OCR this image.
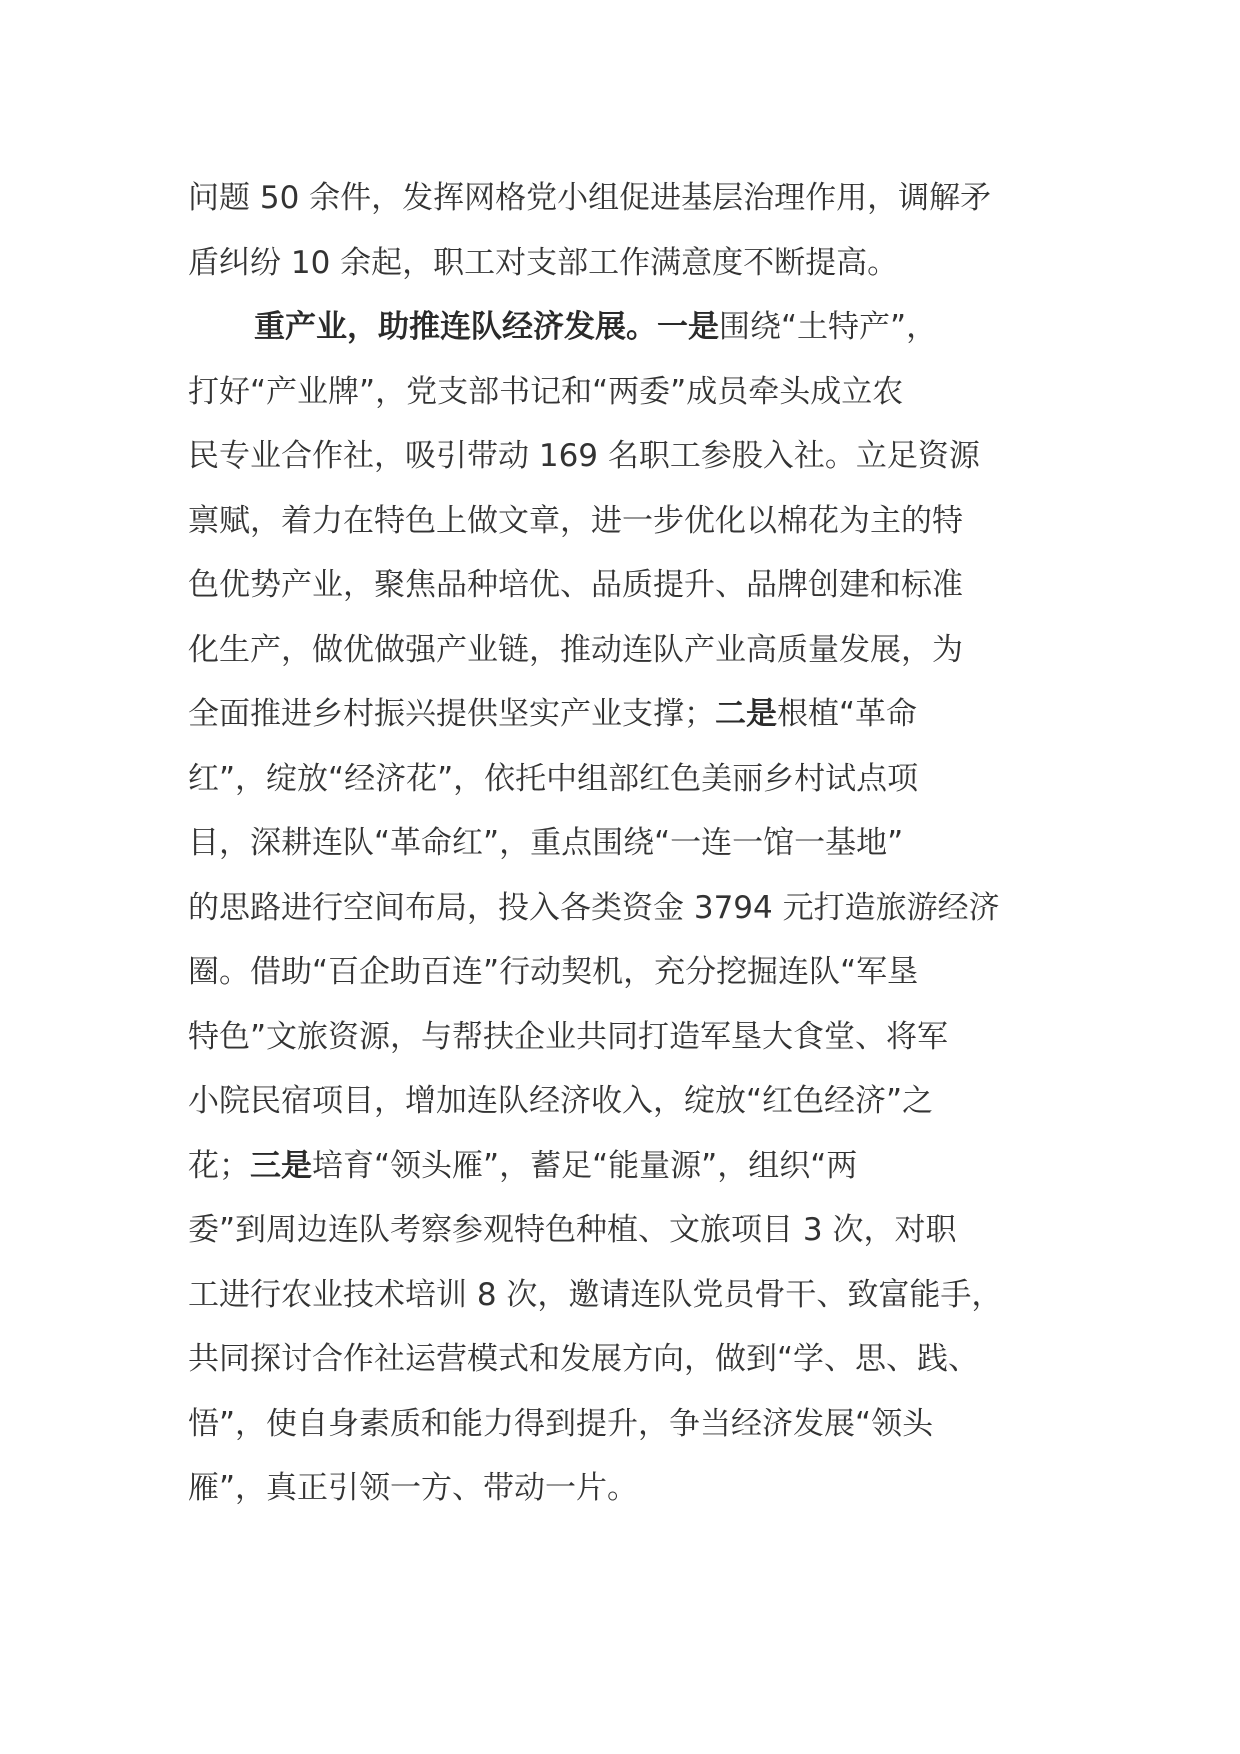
问题 50 余件，发挥网格党小组促进基层治理作用，调解矛
盾纠纷 10 余起，职工对支部工作满意度不断提高。
重产业，助推连队经济发展。一是围绕“土特产”，
打好“产业牌”，党支部书记和“两委”成员牵头成立农
民专业合作社，吸引带动 169 名职工参股入社。立足资源
禀赋，着力在特色上做文章，进一步优化以棉花为主的特
色优势产业，聚焦品种培优、品质提升、品牌创建和标准
化生产，做优做强产业链，推动连队产业高质量发展，为
全面推进乡村振兴提供坚实产业支撑；二是根植“革命
红”，绽放“经济花”，依托中组部红色美丽乡村试点项
目，深耕连队“革命红”，重点围绕“一连一馆一基地”
的思路进行空间布局，投入各类资金 3794 元打造旅游经济
圈。借助“百企助百连”行动契机，充分挖掘连队“军垦
特色”文旅资源，与帮扶企业共同打造军垦大食堂、将军
小院民宿项目，增加连队经济收入，绽放“红色经济”之
花；三是培育“领头雁”，蓄足“能量源”，组织“两
委”到周边连队考察参观特色种植、文旅项目 3 次，对职
工进行农业技术培训 8 次，邀请连队党员骨干、致富能手，
共同探讨合作社运营模式和发展方向，做到“学、思、践、
悟”，使自身素质和能力得到提升，争当经济发展“领头
雁”，真正引领一方、带动一片。
